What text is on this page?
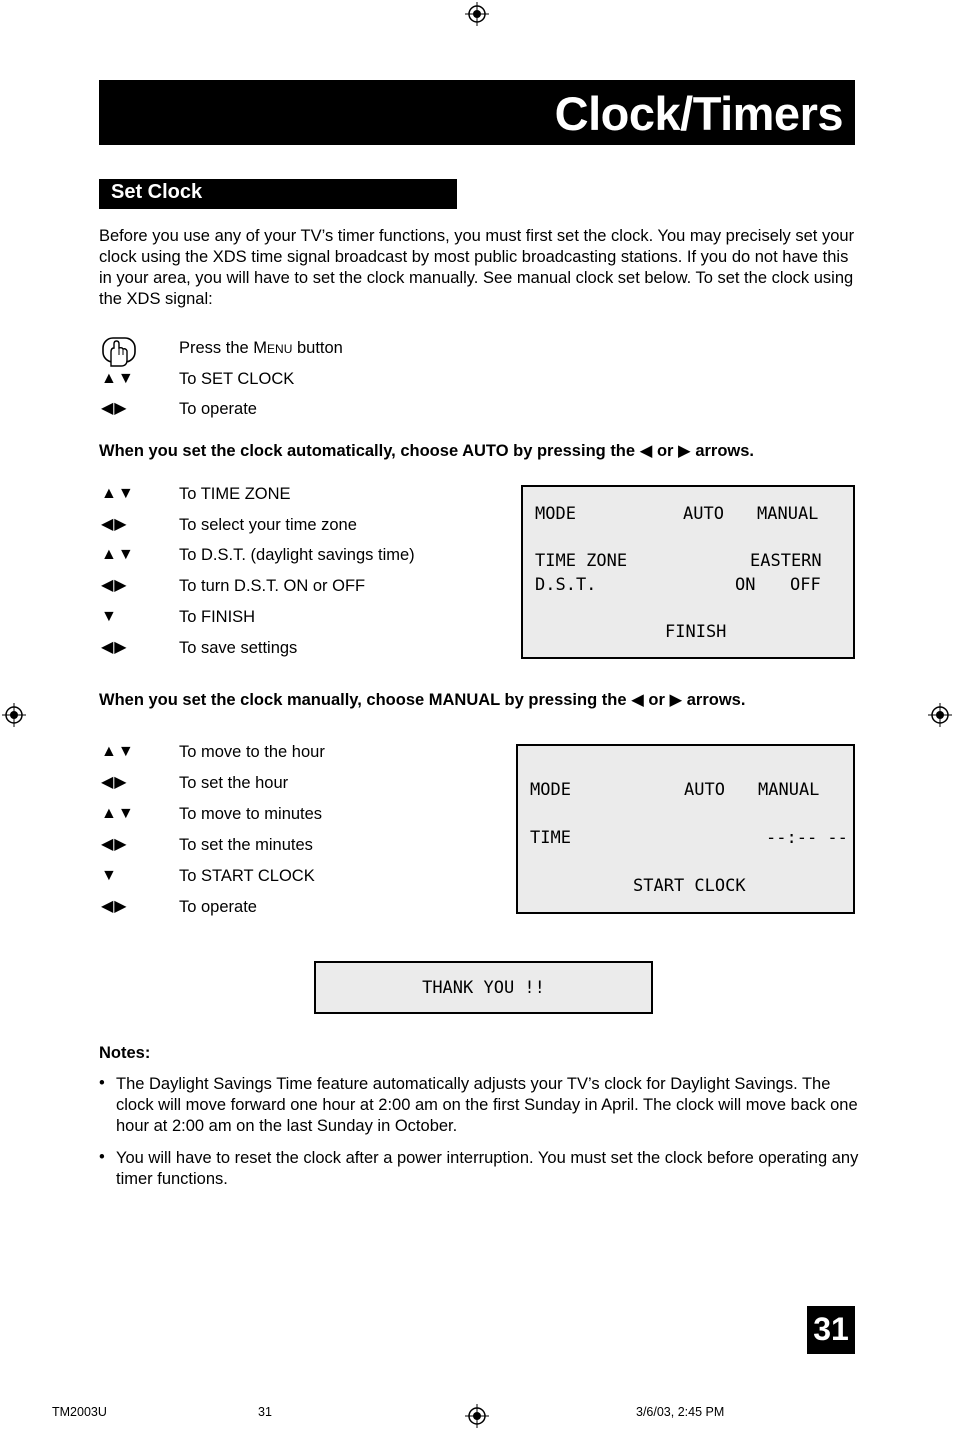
Clock/Timers
Set Clock
Before you use any of your TV’s timer functions, you must first set the clock. You may precisely set your clock using the XDS time signal broadcast by most public broadcasting stations. If you do not have this in your area, you will have to set the clock manually. See manual clock set below. To set the clock using the XDS signal:
Press the Menu button
▲▼	To SET CLOCK
◀▶	To operate
When you set the clock automatically, choose AUTO by pressing the ◀ or ▶ arrows.
▲▼	To TIME ZONE
◀▶	To select your time zone
▲▼	To D.S.T. (daylight savings time)
◀▶	To turn D.S.T. ON or OFF
▼	To FINISH
◀▶	To save settings
MODE	AUTO MANUAL
TIME ZONE	EASTERN
D.S.T.	ON OFF
FINISH
When you set the clock manually, choose MANUAL by pressing the ◀ or ▶ arrows.
▲▼	To move to the hour
◀▶	To set the hour
▲▼	To move to minutes
◀▶	To set the minutes
▼	To START CLOCK
◀▶	To operate
MODE	AUTO MANUAL
TIME	--:-- --
START CLOCK
THANK YOU !!
Notes:
• The Daylight Savings Time feature automatically adjusts your TV’s clock for Daylight Savings. The clock will move forward one hour at 2:00 am on the first Sunday in April. The clock will move back one hour at 2:00 am on the last Sunday in October.
• You will have to reset the clock after a power interruption. You must set the clock before operating any timer functions.
31
TM2003U	31	3/6/03, 2:45 PM
